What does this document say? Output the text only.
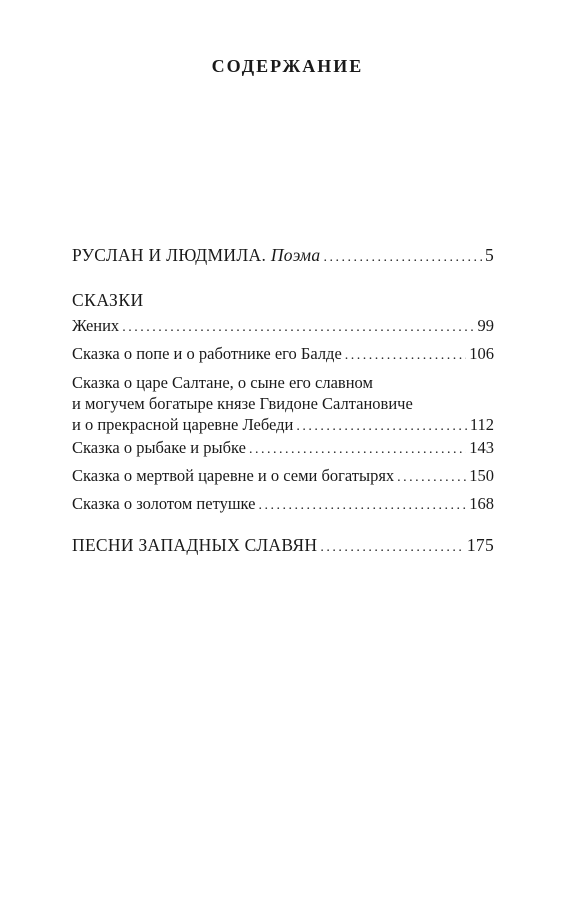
СОДЕРЖАНИЕ
РУСЛАН И ЛЮДМИЛА. Поэма . . .	5
СКАЗКИ
Жених . . .	99
Сказка о попе и о работнике его Балде . . .	106
Сказка о царе Салтане, о сыне его славном
и могучем богатыре князе Гвидоне Салтановиче
и о прекрасной царевне Лебеди . . .	112
Сказка о рыбаке и рыбке . . .	143
Сказка о мертвой царевне и о семи богатырях . . .	150
Сказка о золотом петушке . . .	168
ПЕСНИ ЗАПАДНЫХ СЛАВЯН . . .	175
